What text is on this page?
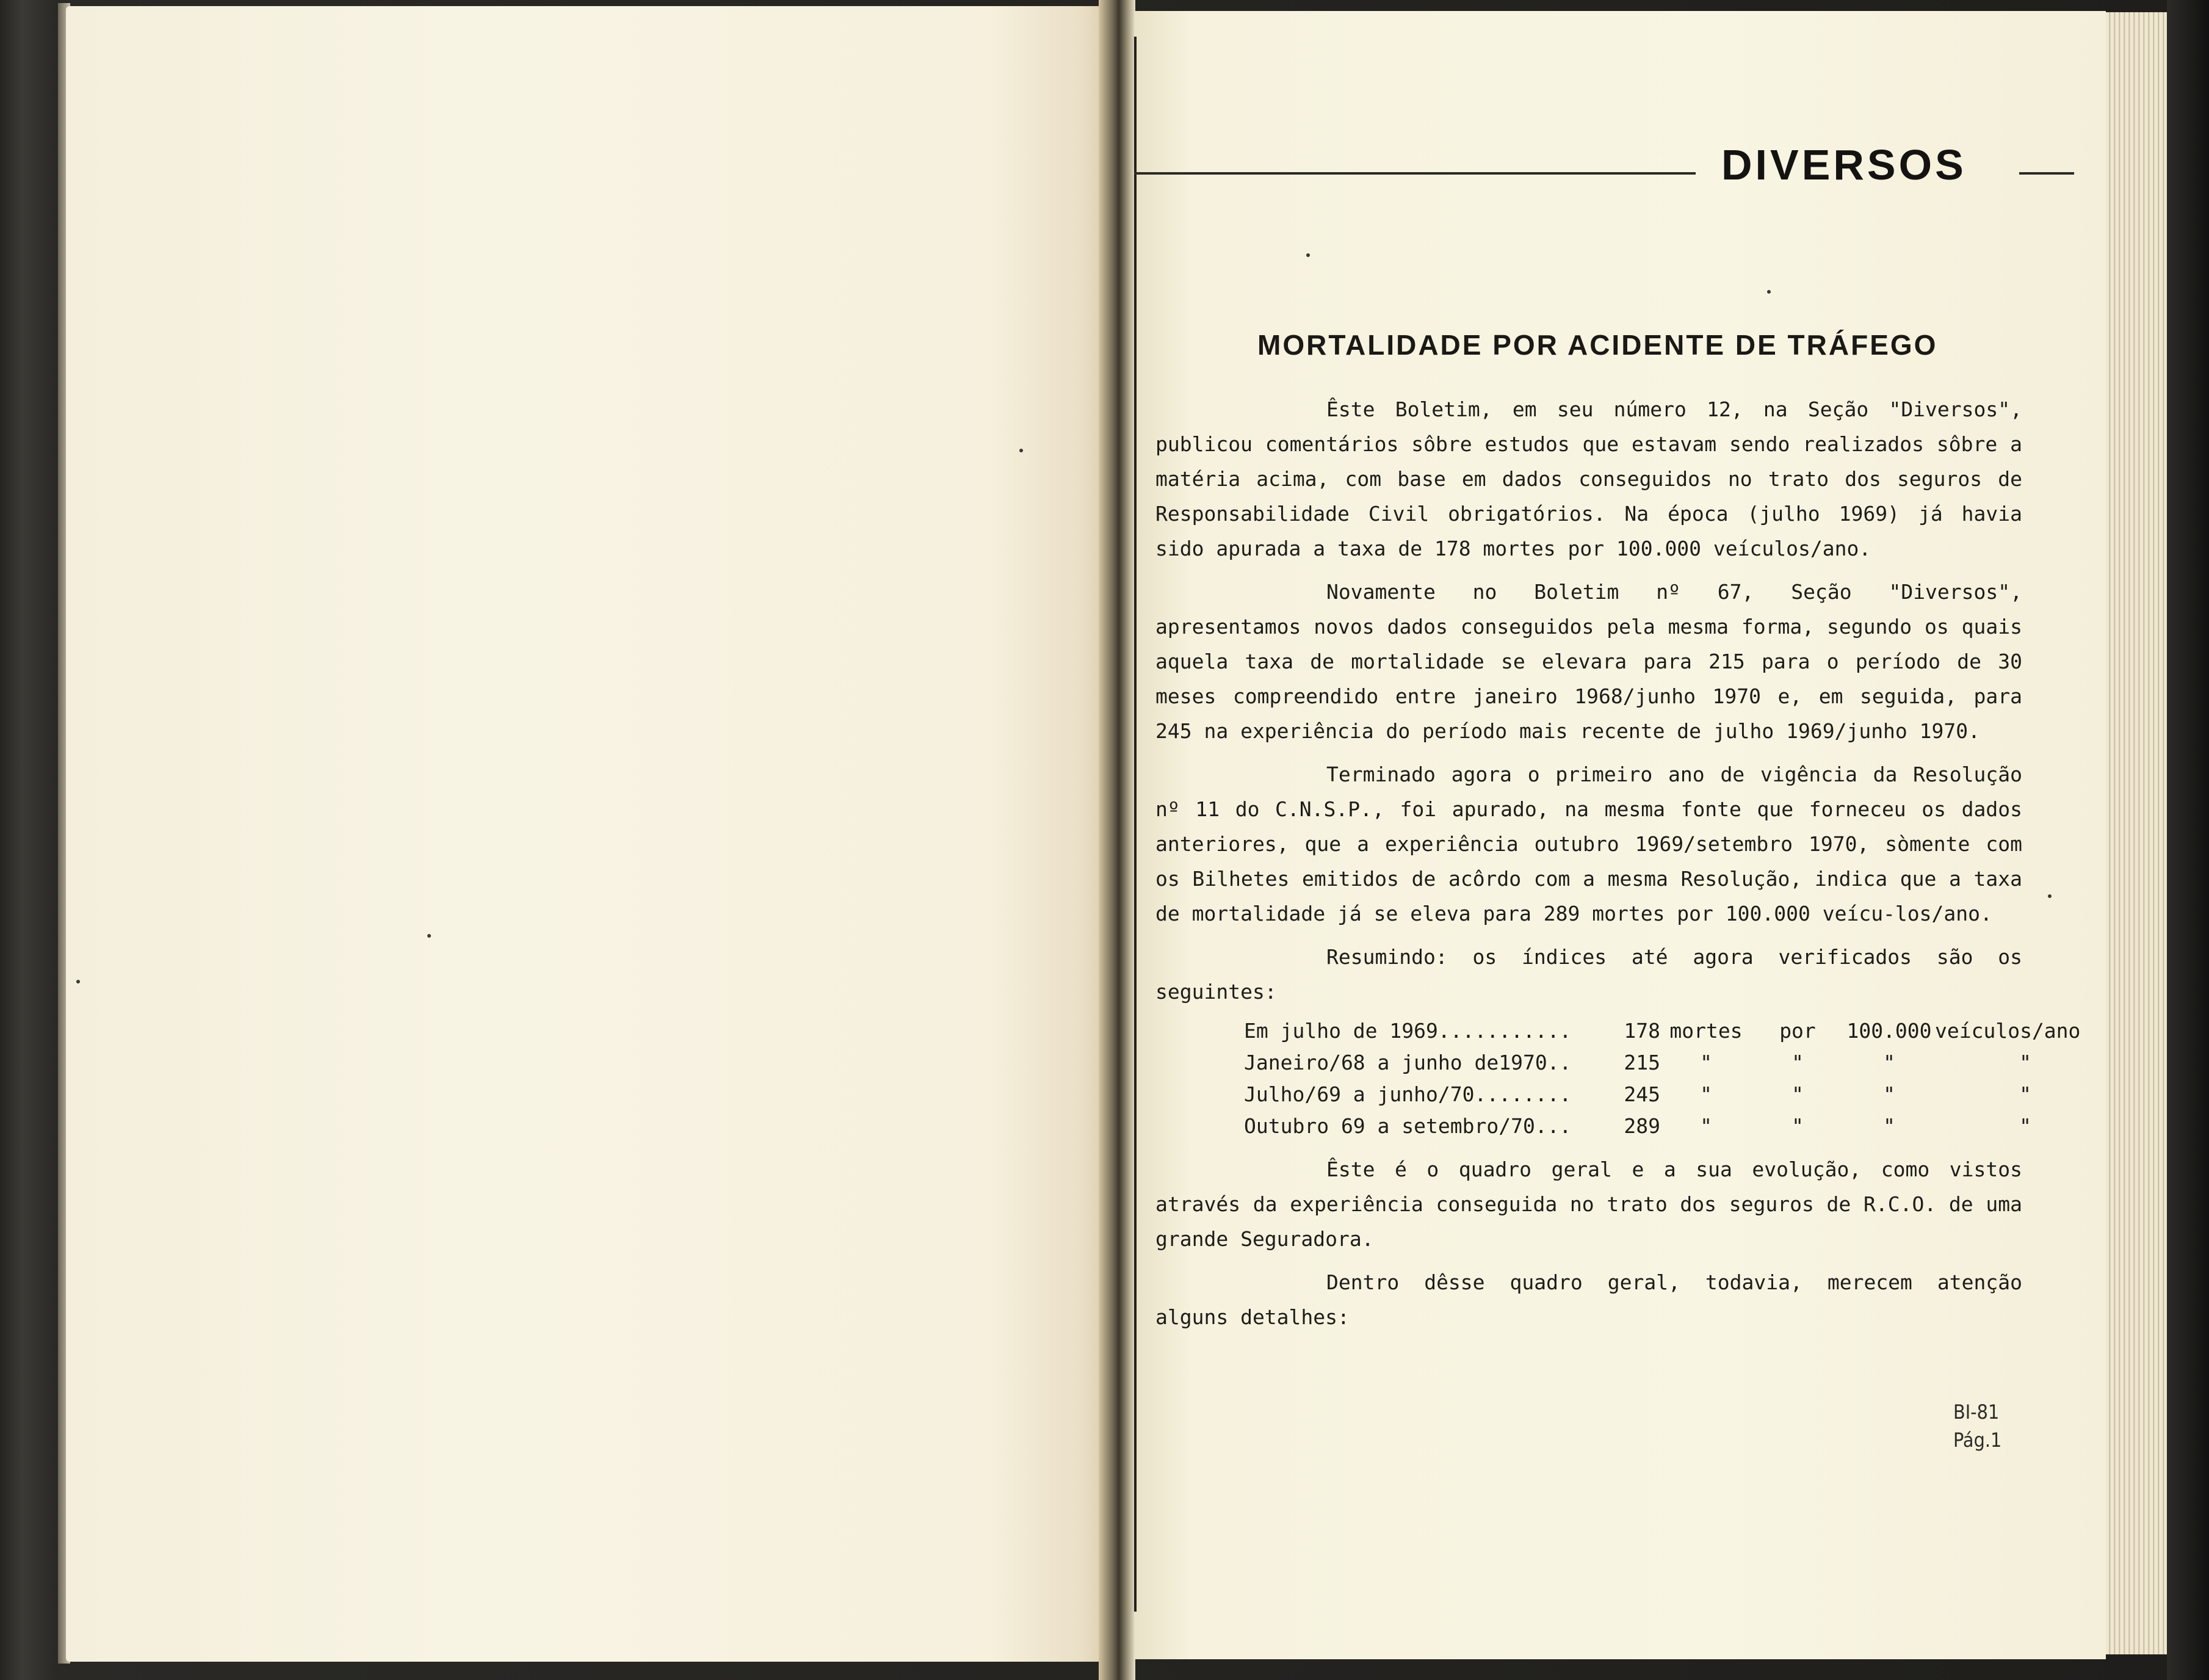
DIVERSOS
MORTALIDADE POR ACIDENTE DE TRÁFEGO

Êste Boletim, em seu número 12, na Seção "Diversos", publicou comentários sôbre estudos que estavam sendo realizados sôbre a matéria acima, com base em dados conseguidos no trato dos seguros de Responsabilidade Civil obrigatórios. Na época (julho 1969) já havia sido apurada a taxa de 178 mortes por 100.000 veículos/ano.

Novamente no Boletim nº 67, Seção "Diversos", apresentamos novos dados conseguidos pela mesma forma, segundo os quais aquela taxa de mortalidade se elevara para 215 para o período de 30 meses compreendido entre janeiro 1968/junho 1970 e, em seguida, para 245 na experiência do período mais recente de julho 1969/junho 1970.

Terminado agora o primeiro ano de vigência da Resolução nº 11 do C.N.S.P., foi apurado, na mesma fonte que forneceu os dados anteriores, que a experiência outubro 1969/setembro 1970, sòmente com os Bilhetes emitidos de acôrdo com a mesma Resolução, indica que a taxa de mortalidade já se eleva para 289 mortes por 100.000 veícu-los/ano.

Resumindo: os índices até agora verificados são os seguintes:

Em julho de 1969...........	178 mortes	por	100.000 veículos/ano
Janeiro/68 a junho de1970..	215	"	"	"	"
Julho/69 a junho/70........	245	"	"	"	"
Outubro 69 a setembro/70...	289	"	"	"	"

Êste é o quadro geral e a sua evolução, como vistos através da experiência conseguida no trato dos seguros de R.C.O. de uma grande Seguradora.

Dentro dêsse quadro geral, todavia, merecem atenção alguns detalhes:

BI-81
Pág.1
